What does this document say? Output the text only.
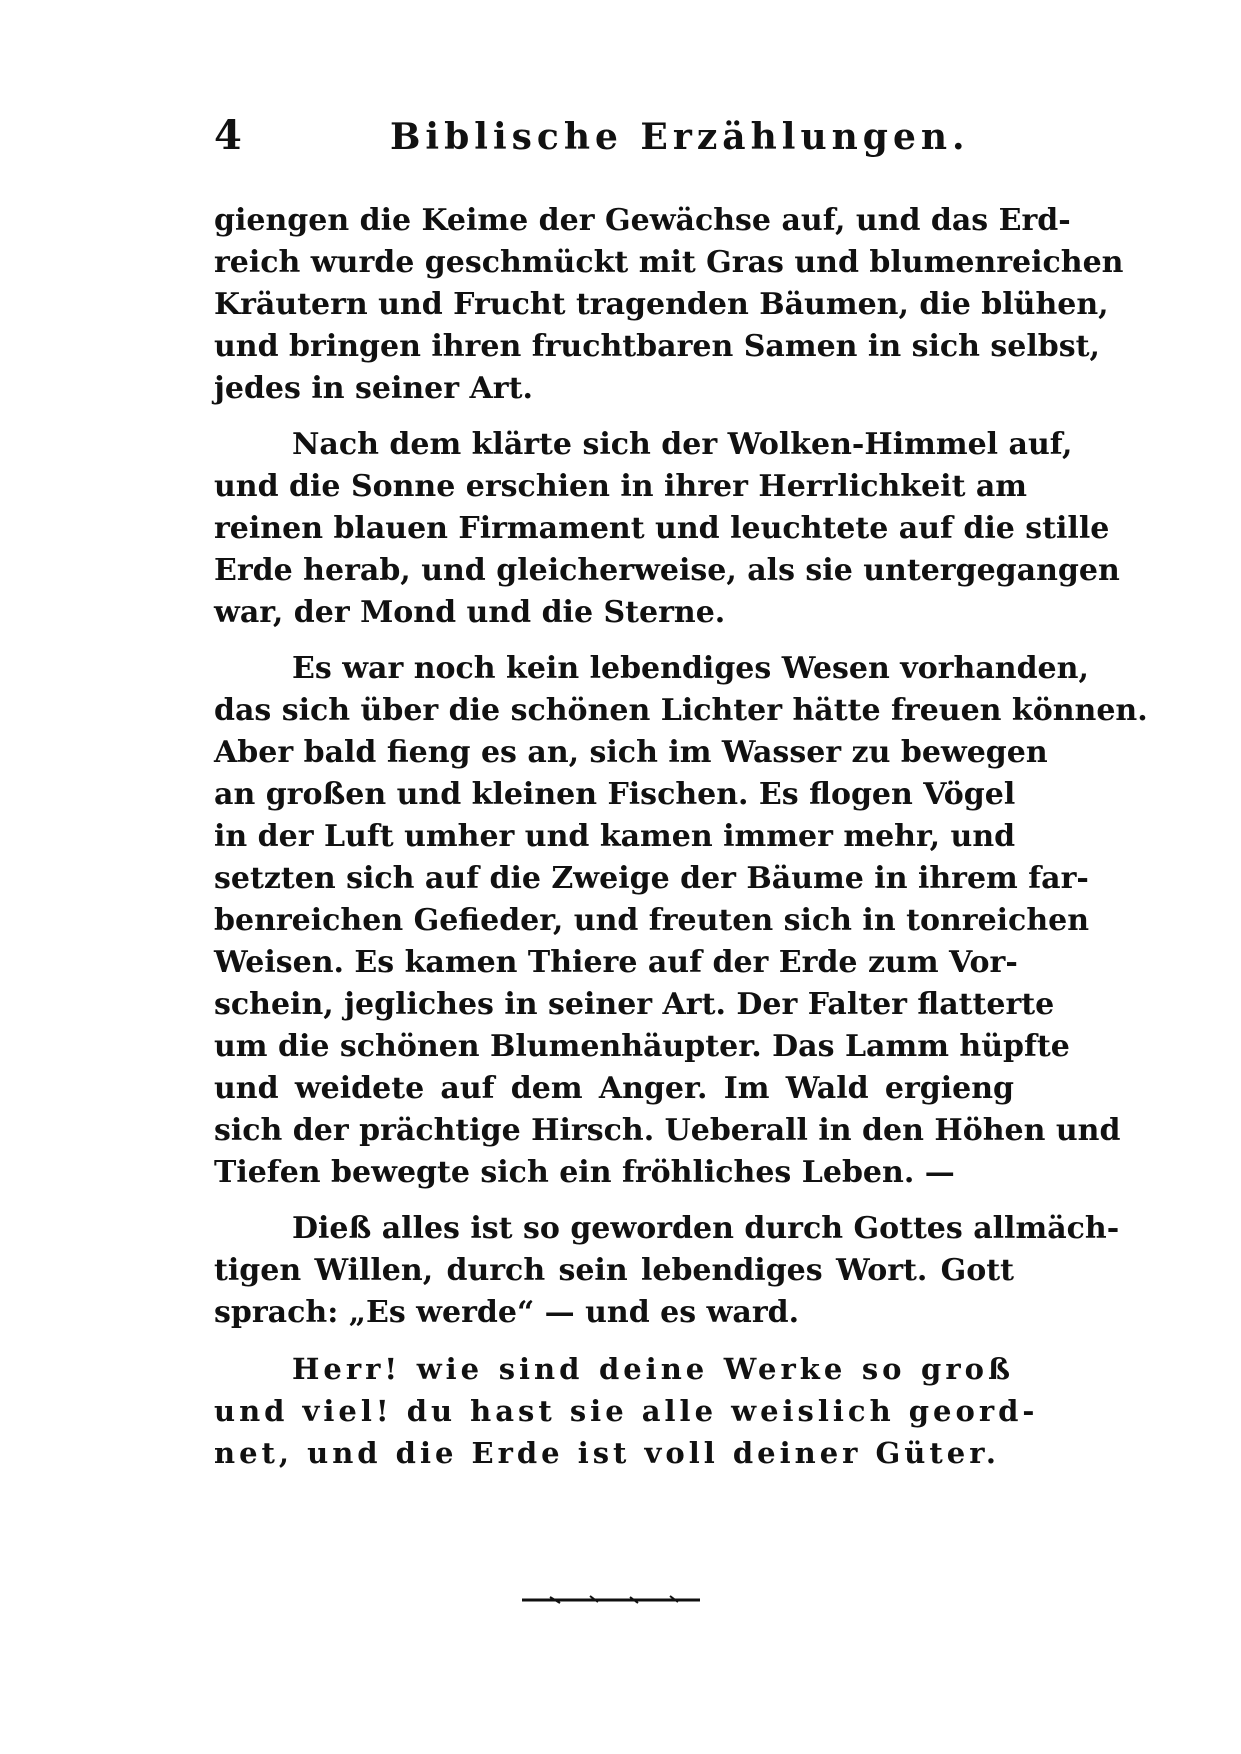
4	Biblische Erzählungen.
giengen die Keime der Gewächse auf, und das Erd-
reich wurde geschmückt mit Gras und blumenreichen
Kräutern und Frucht tragenden Bäumen, die blühen,
und bringen ihren fruchtbaren Samen in sich selbst,
jedes in seiner Art.
Nach dem klärte sich der Wolken-Himmel auf,
und die Sonne erschien in ihrer Herrlichkeit am
reinen blauen Firmament und leuchtete auf die stille
Erde herab, und gleicherweise, als sie untergegangen
war, der Mond und die Sterne.
Es war noch kein lebendiges Wesen vorhanden,
das sich über die schönen Lichter hätte freuen können.
Aber bald fieng es an, sich im Wasser zu bewegen
an großen und kleinen Fischen. Es flogen Vögel
in der Luft umher und kamen immer mehr, und
setzten sich auf die Zweige der Bäume in ihrem far-
benreichen Gefieder, und freuten sich in tonreichen
Weisen. Es kamen Thiere auf der Erde zum Vor-
schein, jegliches in seiner Art. Der Falter flatterte
um die schönen Blumenhäupter. Das Lamm hüpfte
und weidete auf dem Anger. Im Wald ergieng
sich der prächtige Hirsch. Ueberall in den Höhen und
Tiefen bewegte sich ein fröhliches Leben. —
Dieß alles ist so geworden durch Gottes allmäch-
tigen Willen, durch sein lebendiges Wort. Gott
sprach: „Es werde“ — und es ward.
Herr! wie sind deine Werke so groß
und viel! du hast sie alle weislich geord-
net, und die Erde ist voll deiner Güter.
